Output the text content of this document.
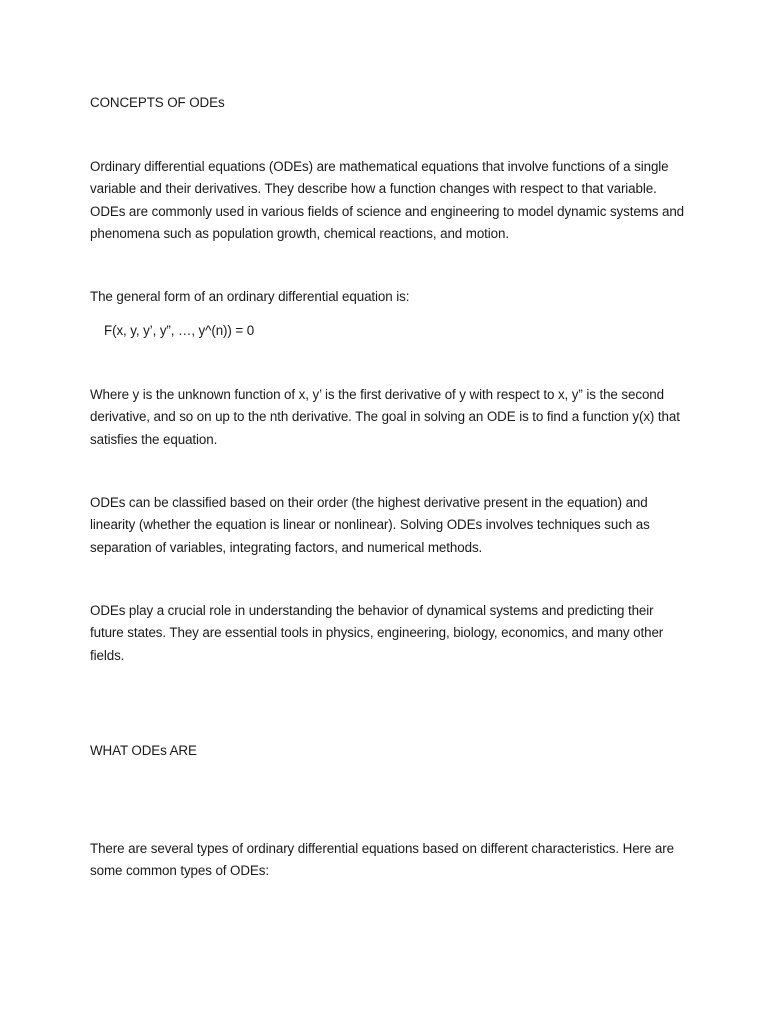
CONCEPTS OF ODEs

Ordinary differential equations (ODEs) are mathematical equations that involve functions of a single variable and their derivatives. They describe how a function changes with respect to that variable. ODEs are commonly used in various fields of science and engineering to model dynamic systems and phenomena such as population growth, chemical reactions, and motion.

The general form of an ordinary differential equation is:

F(x, y, y’, y”, …, y^(n)) = 0

Where y is the unknown function of x, y’ is the first derivative of y with respect to x, y” is the second derivative, and so on up to the nth derivative. The goal in solving an ODE is to find a function y(x) that satisfies the equation.

ODEs can be classified based on their order (the highest derivative present in the equation) and linearity (whether the equation is linear or nonlinear). Solving ODEs involves techniques such as separation of variables, integrating factors, and numerical methods.

ODEs play a crucial role in understanding the behavior of dynamical systems and predicting their future states. They are essential tools in physics, engineering, biology, economics, and many other fields.

WHAT ODEs ARE

There are several types of ordinary differential equations based on different characteristics. Here are some common types of ODEs:
